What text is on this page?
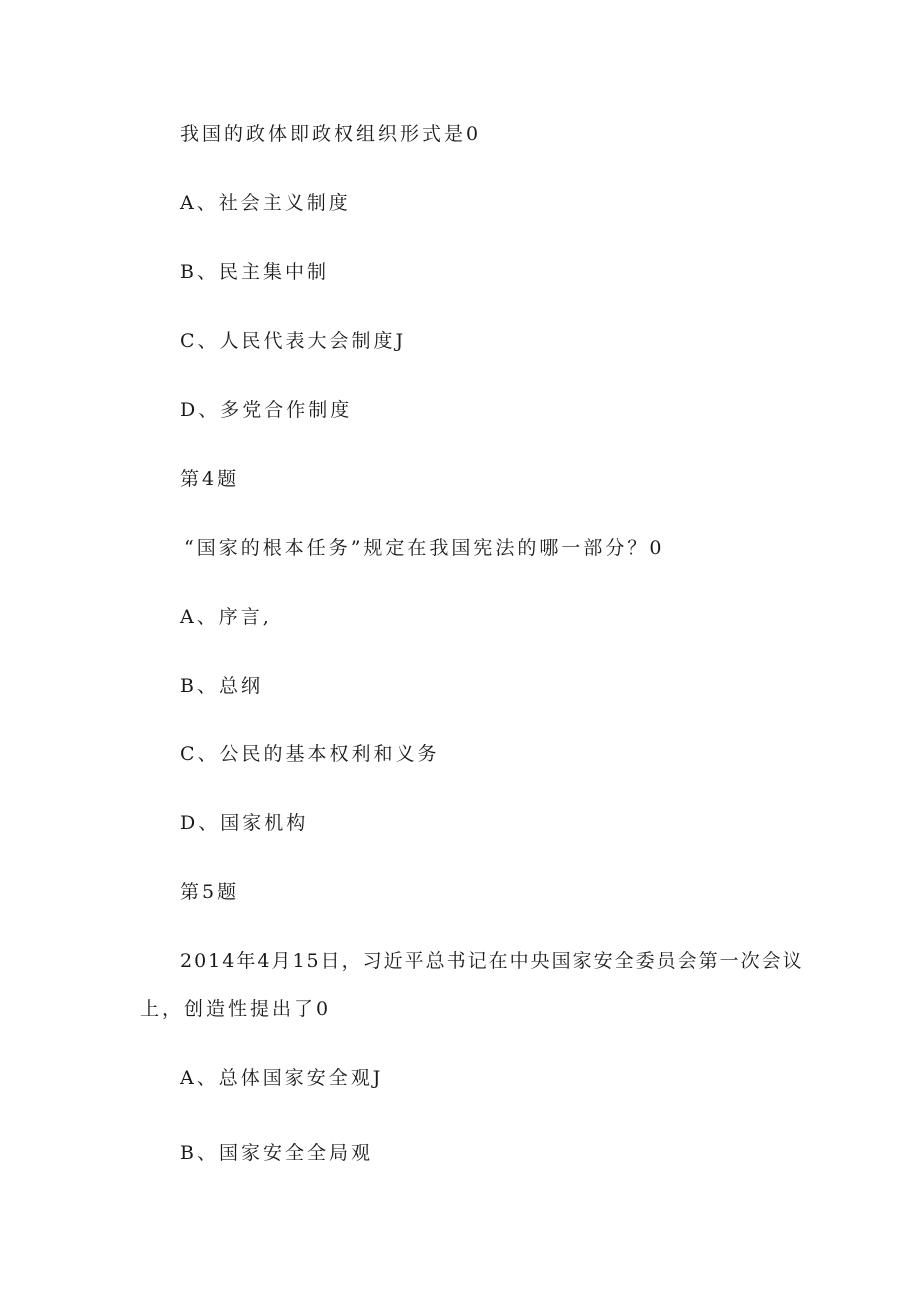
我国的政体即政权组织形式是0
A、社会主义制度
B、民主集中制
C、人民代表大会制度J
D、多党合作制度
第4题
“国家的根本任务”规定在我国宪法的哪一部分？0
A、序言,
B、总纲
C、公民的基本权利和义务
D、国家机构
第5题
2014年4月15日，习近平总书记在中央国家安全委员会第一次会议
上，创造性提出了0
A、总体国家安全观J
B、国家安全全局观
